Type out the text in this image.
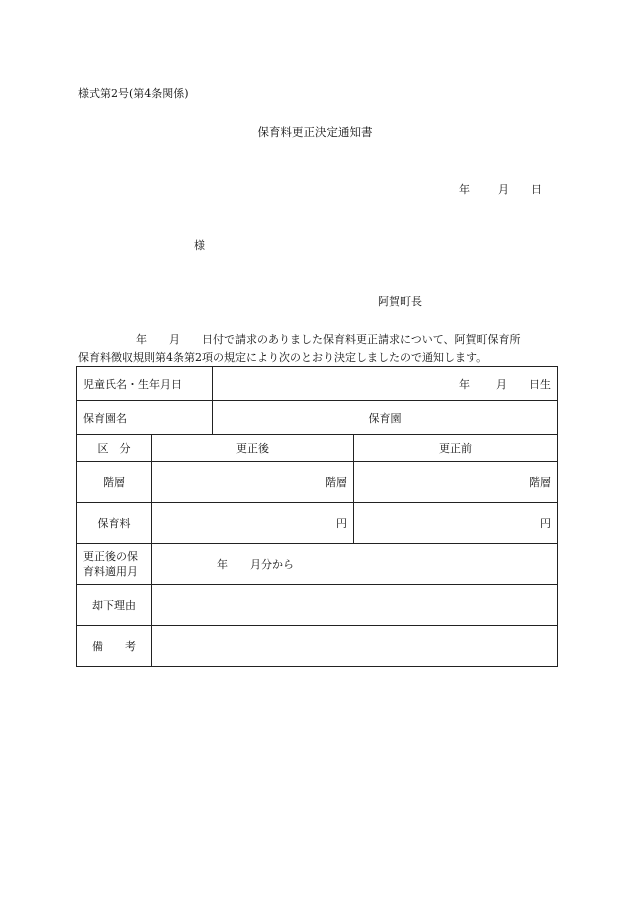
様式第2号(第4条関係)
保育料更正決定通知書
年	月 日
様
阿賀町長
年　　月　　日付で請求のありました保育料更正請求について、阿賀町保育所
保育料徴収規則第4条第2項の規定により次のとおり決定しましたので通知します。
児童氏名・生年月日		年 月 日生	

保育園名		保育園	
区　分	更正後		更正前
階層	階層		階層
保育料	円		円

更正後の保
育料適用月	年　　月分から		
却下理由			
備　　考			
